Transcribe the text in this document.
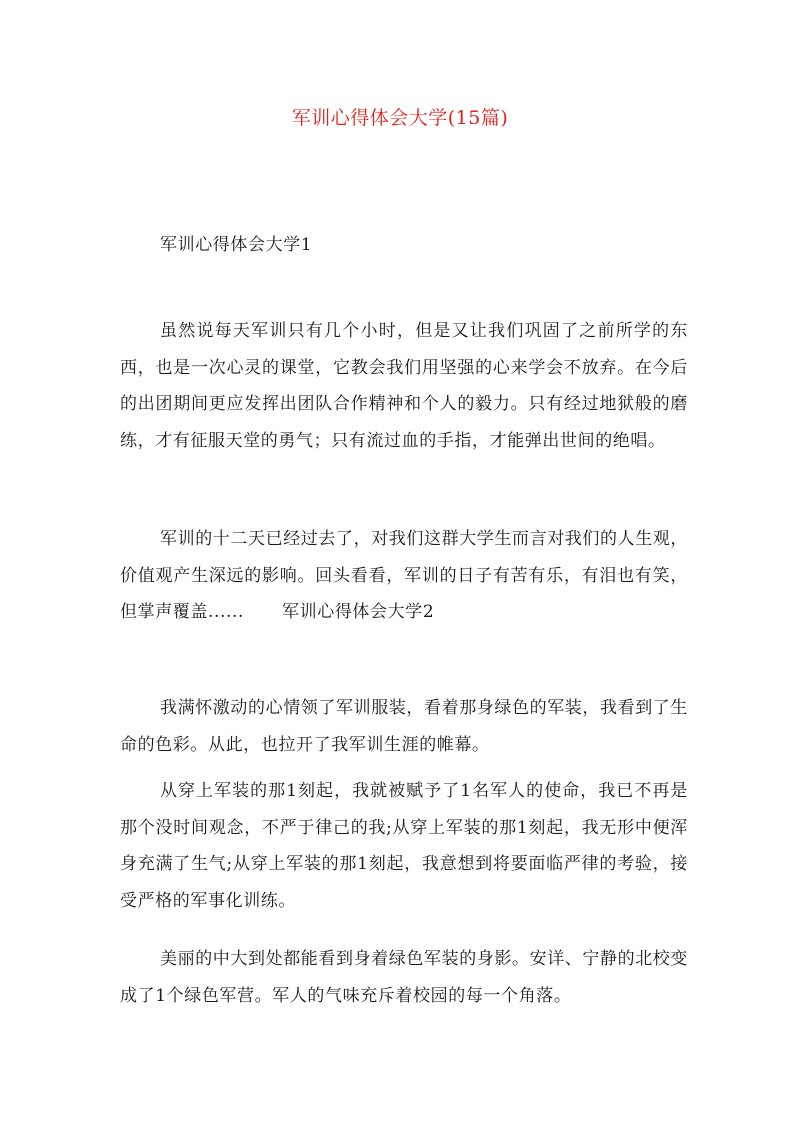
军训心得体会大学(15篇)
军训心得体会大学1

虽然说每天军训只有几个小时，但是又让我们巩固了之前所学的东西，也是一次心灵的课堂，它教会我们用坚强的心来学会不放弃。在今后的出团期间更应发挥出团队合作精神和个人的毅力。只有经过地狱般的磨练，才有征服天堂的勇气；只有流过血的手指，才能弹出世间的绝唱。

军训的十二天已经过去了，对我们这群大学生而言对我们的人生观，价值观产生深远的影响。回头看看，军训的日子有苦有乐，有泪也有笑，但掌声覆盖...... 军训心得体会大学2

我满怀激动的心情领了军训服装，看着那身绿色的军装，我看到了生命的色彩。从此，也拉开了我军训生涯的帷幕。

从穿上军装的那1刻起，我就被赋予了1名军人的使命，我已不再是那个没时间观念，不严于律己的我;从穿上军装的那1刻起，我无形中便浑身充满了生气;从穿上军装的那1刻起，我意想到将要面临严律的考验，接受严格的军事化训练。

美丽的中大到处都能看到身着绿色军装的身影。安详、宁静的北校变成了1个绿色军营。军人的气味充斥着校园的每一个角落。
